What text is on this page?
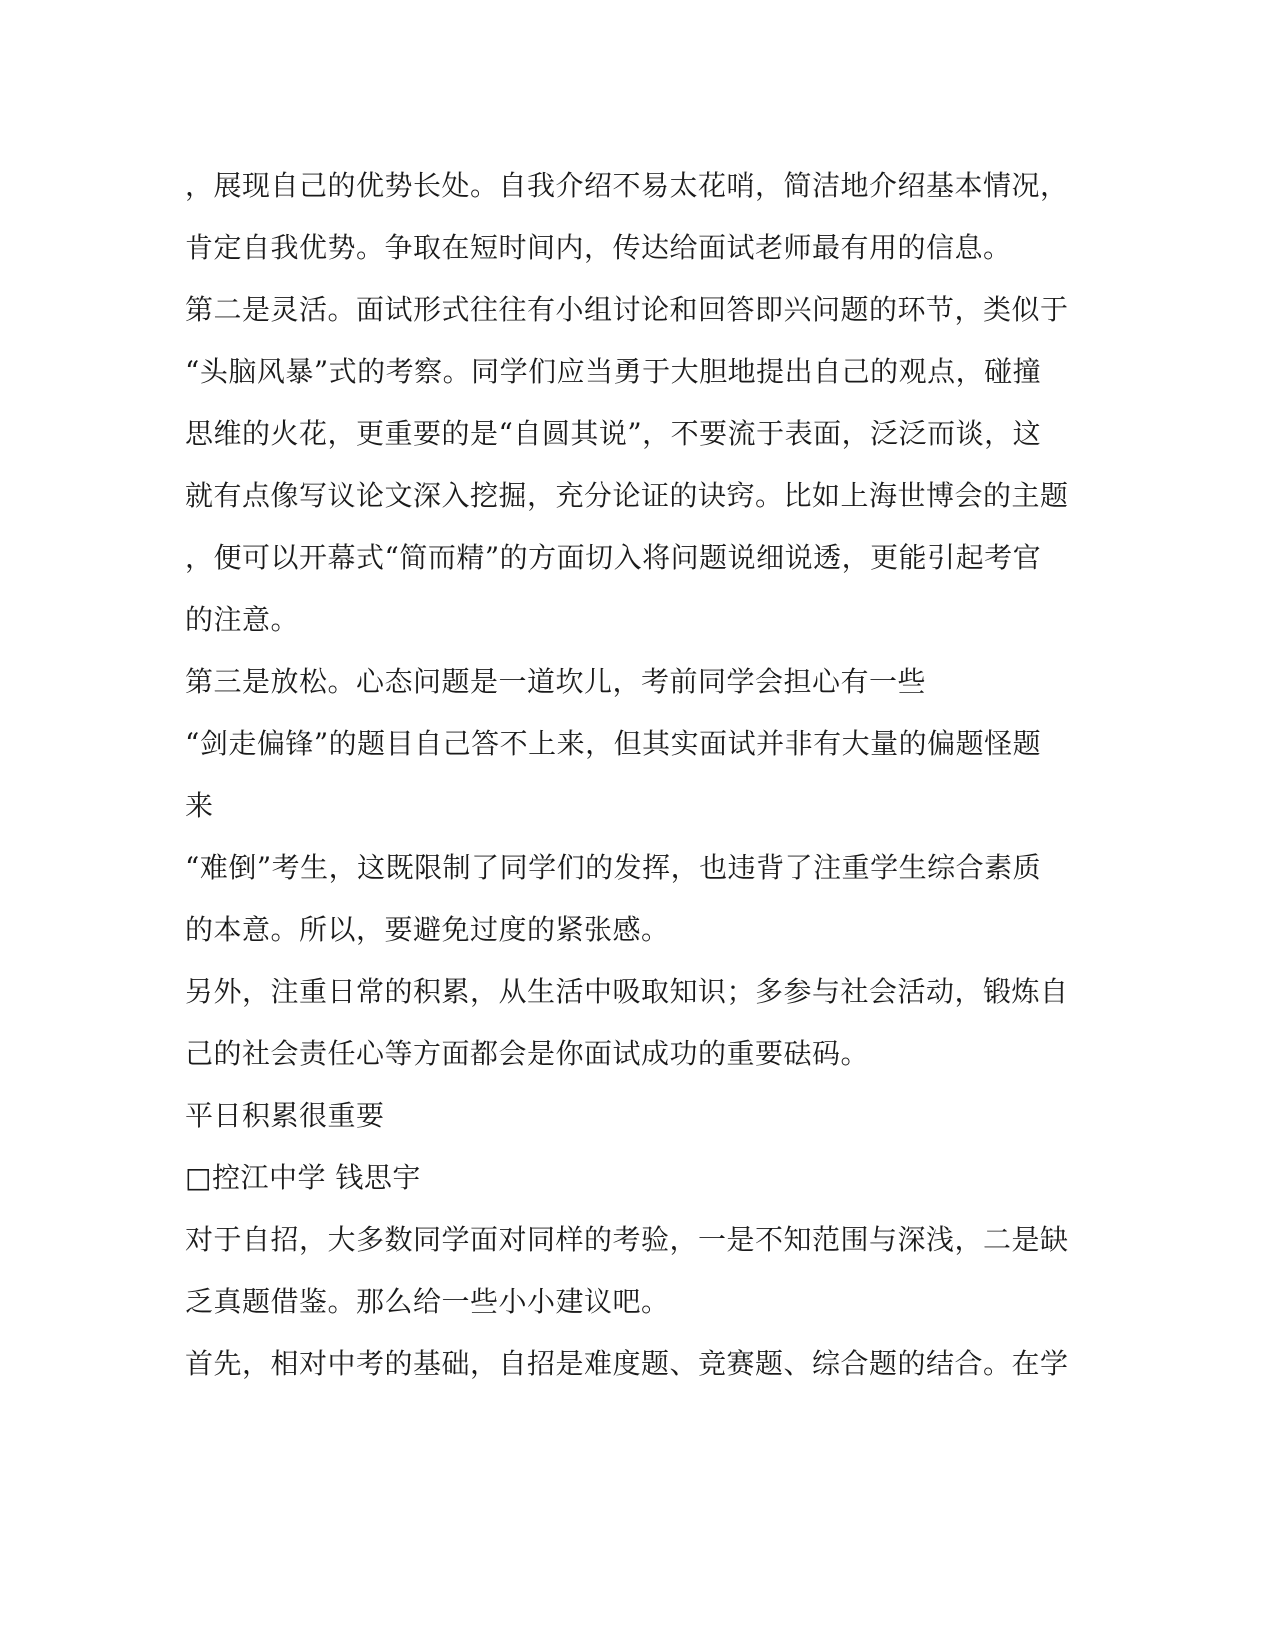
，展现自己的优势长处。自我介绍不易太花哨，简洁地介绍基本情况，
肯定自我优势。争取在短时间内，传达给面试老师最有用的信息。
第二是灵活。面试形式往往有小组讨论和回答即兴问题的环节，类似于
“头脑风暴”式的考察。同学们应当勇于大胆地提出自己的观点，碰撞
思维的火花，更重要的是“自圆其说”，不要流于表面，泛泛而谈，这
就有点像写议论文深入挖掘，充分论证的诀窍。比如上海世博会的主题
，便可以开幕式“简而精”的方面切入将问题说细说透，更能引起考官
的注意。
第三是放松。心态问题是一道坎儿，考前同学会担心有一些
“剑走偏锋”的题目自己答不上来，但其实面试并非有大量的偏题怪题
来
“难倒”考生，这既限制了同学们的发挥，也违背了注重学生综合素质
的本意。所以，要避免过度的紧张感。
另外，注重日常的积累，从生活中吸取知识；多参与社会活动，锻炼自
己的社会责任心等方面都会是你面试成功的重要砝码。
平日积累很重要
□控江中学 钱思宇
对于自招，大多数同学面对同样的考验，一是不知范围与深浅，二是缺
乏真题借鉴。那么给一些小小建议吧。
首先，相对中考的基础，自招是难度题、竞赛题、综合题的结合。在学
